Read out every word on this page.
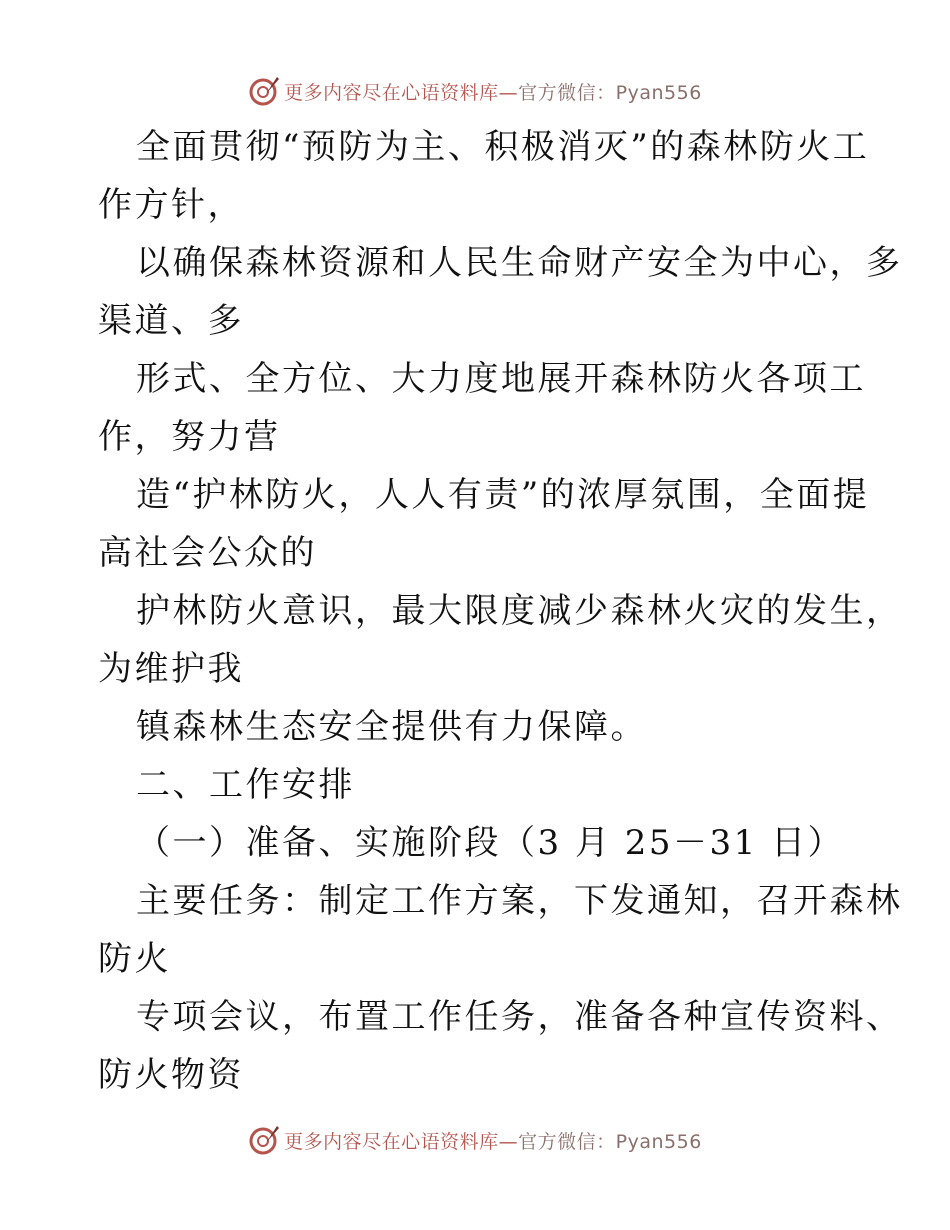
更多内容尽在心语资料库—官方微信：Pyan556
全面贯彻“预防为主、积极消灭”的森林防火工
作方针，
以确保森林资源和人民生命财产安全为中心，多
渠道、多
形式、全方位、大力度地展开森林防火各项工
作，努力营
造“护林防火，人人有责”的浓厚氛围，全面提
高社会公众的
护林防火意识，最大限度减少森林火灾的发生，
为维护我
镇森林生态安全提供有力保障。
二、工作安排
（一）准备、实施阶段（3 月 25－31 日）
主要任务：制定工作方案，下发通知，召开森林
防火
专项会议，布置工作任务，准备各种宣传资料、
防火物资
更多内容尽在心语资料库—官方微信：Pyan556
